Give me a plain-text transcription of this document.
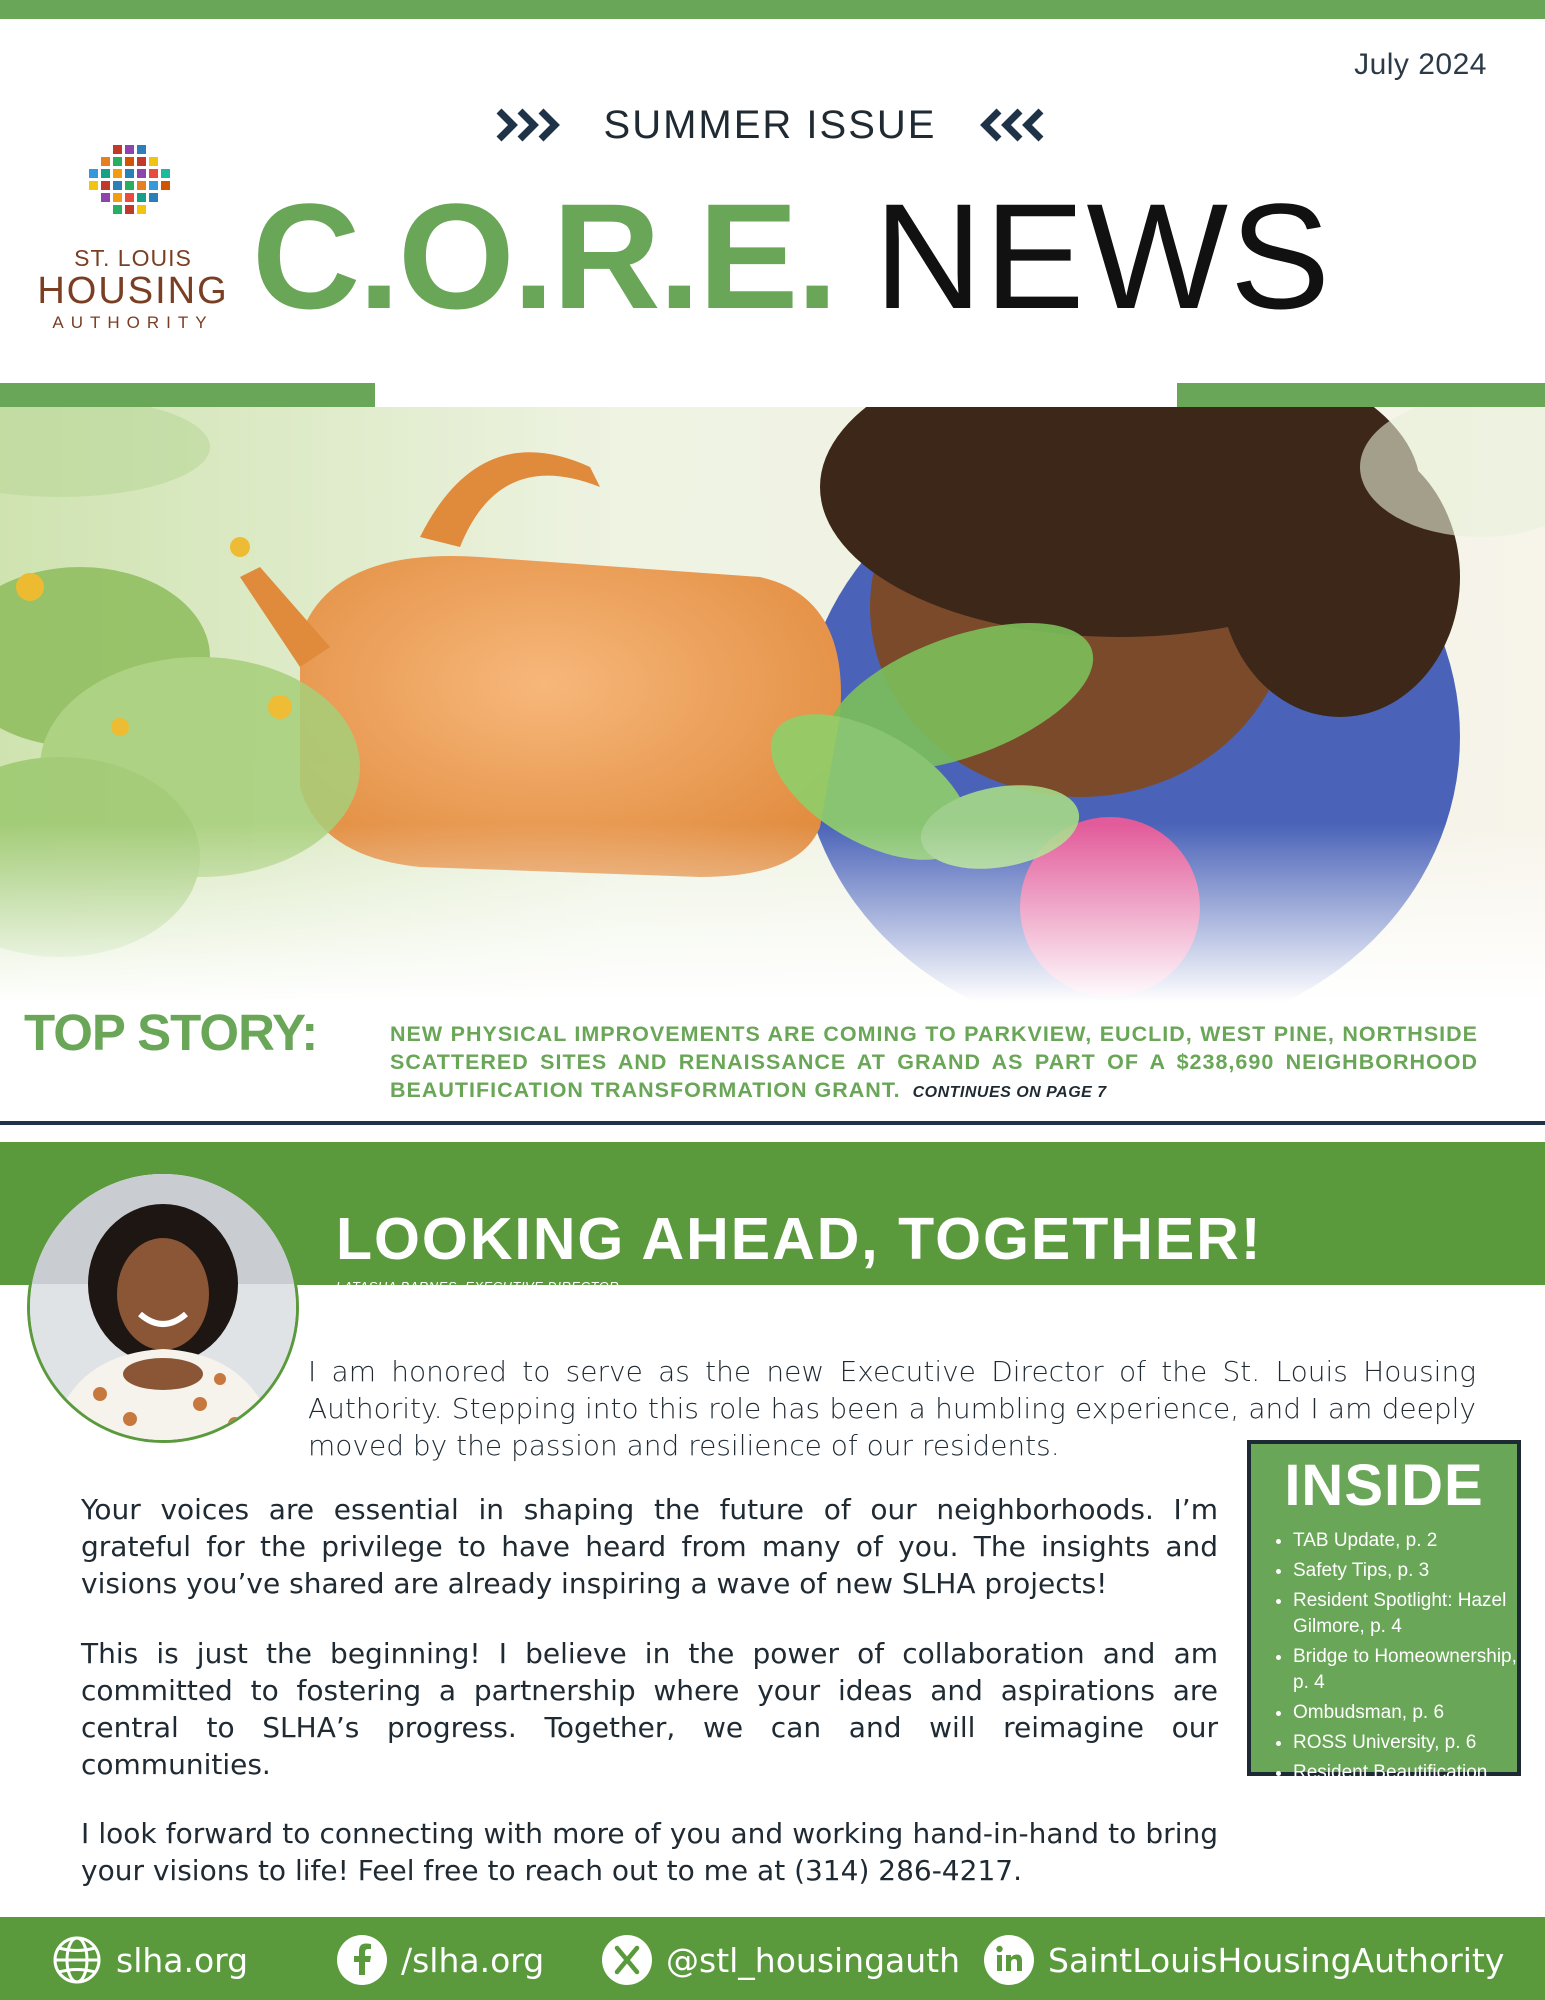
July 2024
SUMMER ISSUE
ST. LOUIS
HOUSING
AUTHORITY C.O.R.E. NEWS
TOP STORY:	NEW PHYSICAL IMPROVEMENTS ARE COMING TO PARKVIEW, EUCLID, WEST PINE, NORTHSIDE SCATTERED SITES AND RENAISSANCE AT GRAND AS PART OF A $238,690 NEIGHBORHOOD BEAUTIFICATION TRANSFORMATION GRANT. CONTINUES ON PAGE 7
LOOKING AHEAD, TOGETHER!
LATASHA BARNES, EXECUTIVE DIRECTOR
I am honored to serve as the new Executive Director of the St. Louis Housing Authority. Stepping into this role has been a humbling experience, and I am deeply moved by the passion and resilience of our residents.
Your voices are essential in shaping the future of our neighborhoods. I’m grateful for the privilege to have heard from many of you. The insights and visions you’ve shared are already inspiring a wave of new SLHA projects!
This is just the beginning! I believe in the power of collaboration and am committed to fostering a partnership where your ideas and aspirations are central to SLHA’s progress. Together, we can and will reimagine our communities.
I look forward to connecting with more of you and working hand-in-hand to bring your visions to life! Feel free to reach out to me at (314) 286-4217.
INSIDE
• TAB Update, p. 2
• Safety Tips, p. 3
• Resident Spotlight: Hazel Gilmore, p. 4
• Bridge to Homeownership, p. 4
• Ombudsman, p. 6
• ROSS University, p. 6
• Resident Beautification Program, p. 7
slha.org	/slha.org	@stl_housingauth	SaintLouisHousingAuthority
